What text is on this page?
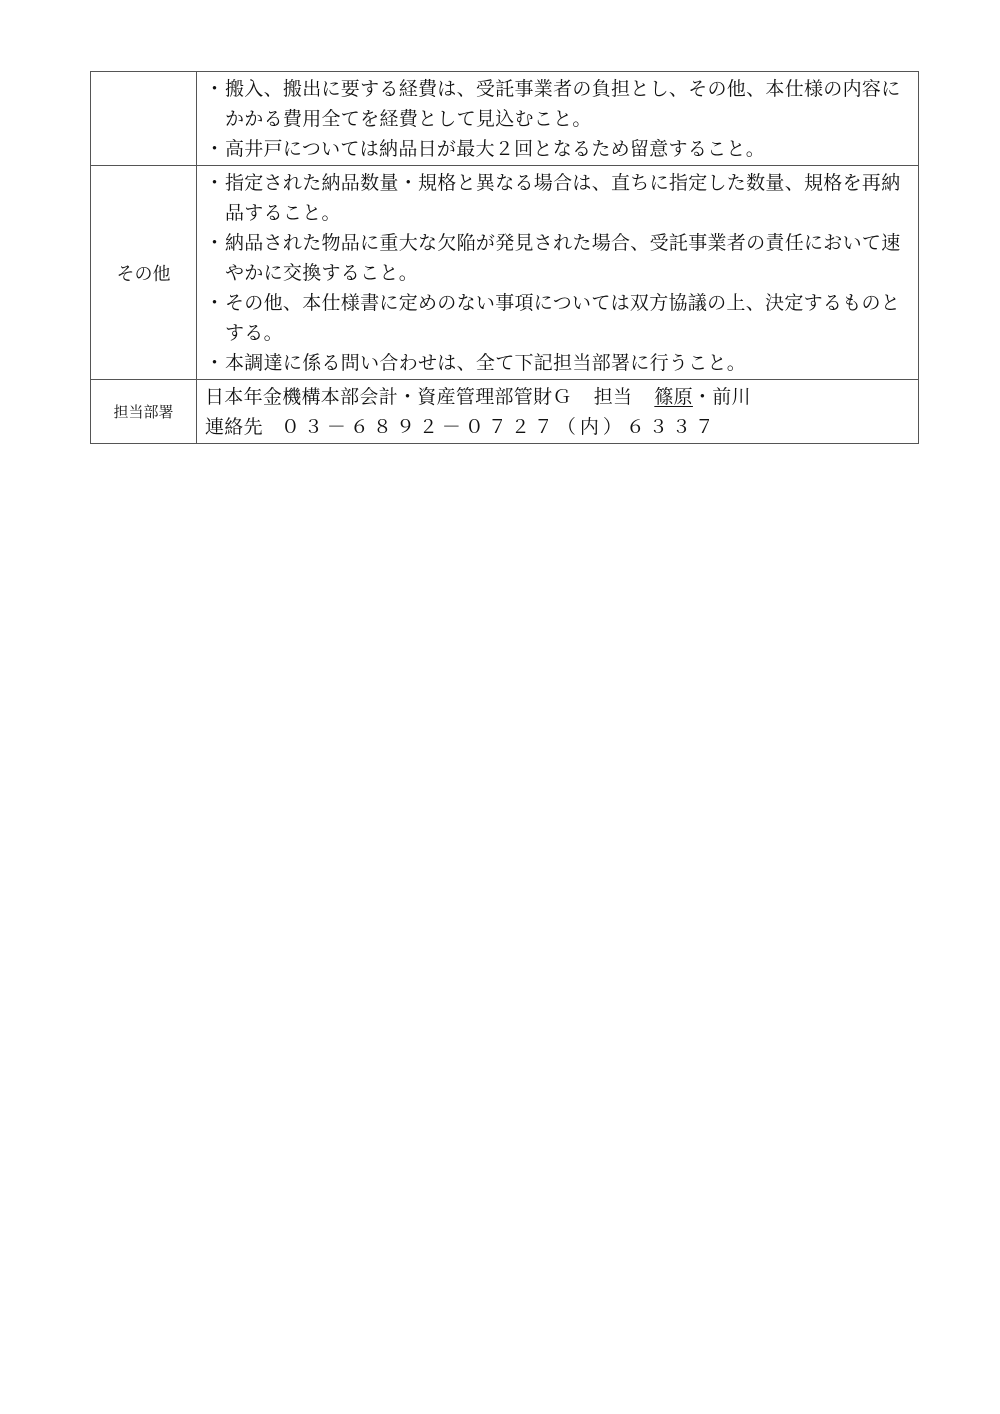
	・ 搬入、搬出に要する経費は、受託事業者の負担とし、その他、本仕様の内容にかかる費用全てを経費として見込むこと。
・ 高井戸については納品日が最大２回となるため留意すること。

その他	・ 指定された納品数量・規格と異なる場合は、直ちに指定した数量、規格を再納品すること。
・ 納品された物品に重大な欠陥が発見された場合、受託事業者の責任において速やかに交換すること。
・ その他、本仕様書に定めのない事項については双方協議の上、決定するものとする。
・ 本調達に係る問い合わせは、全て下記担当部署に行うこと。

担当部署	日本年金機構本部会計・資産管理部管財Ｇ 担当 篠原・前川
連絡先 ０３－６８９２－０７２７（内）６３３７
